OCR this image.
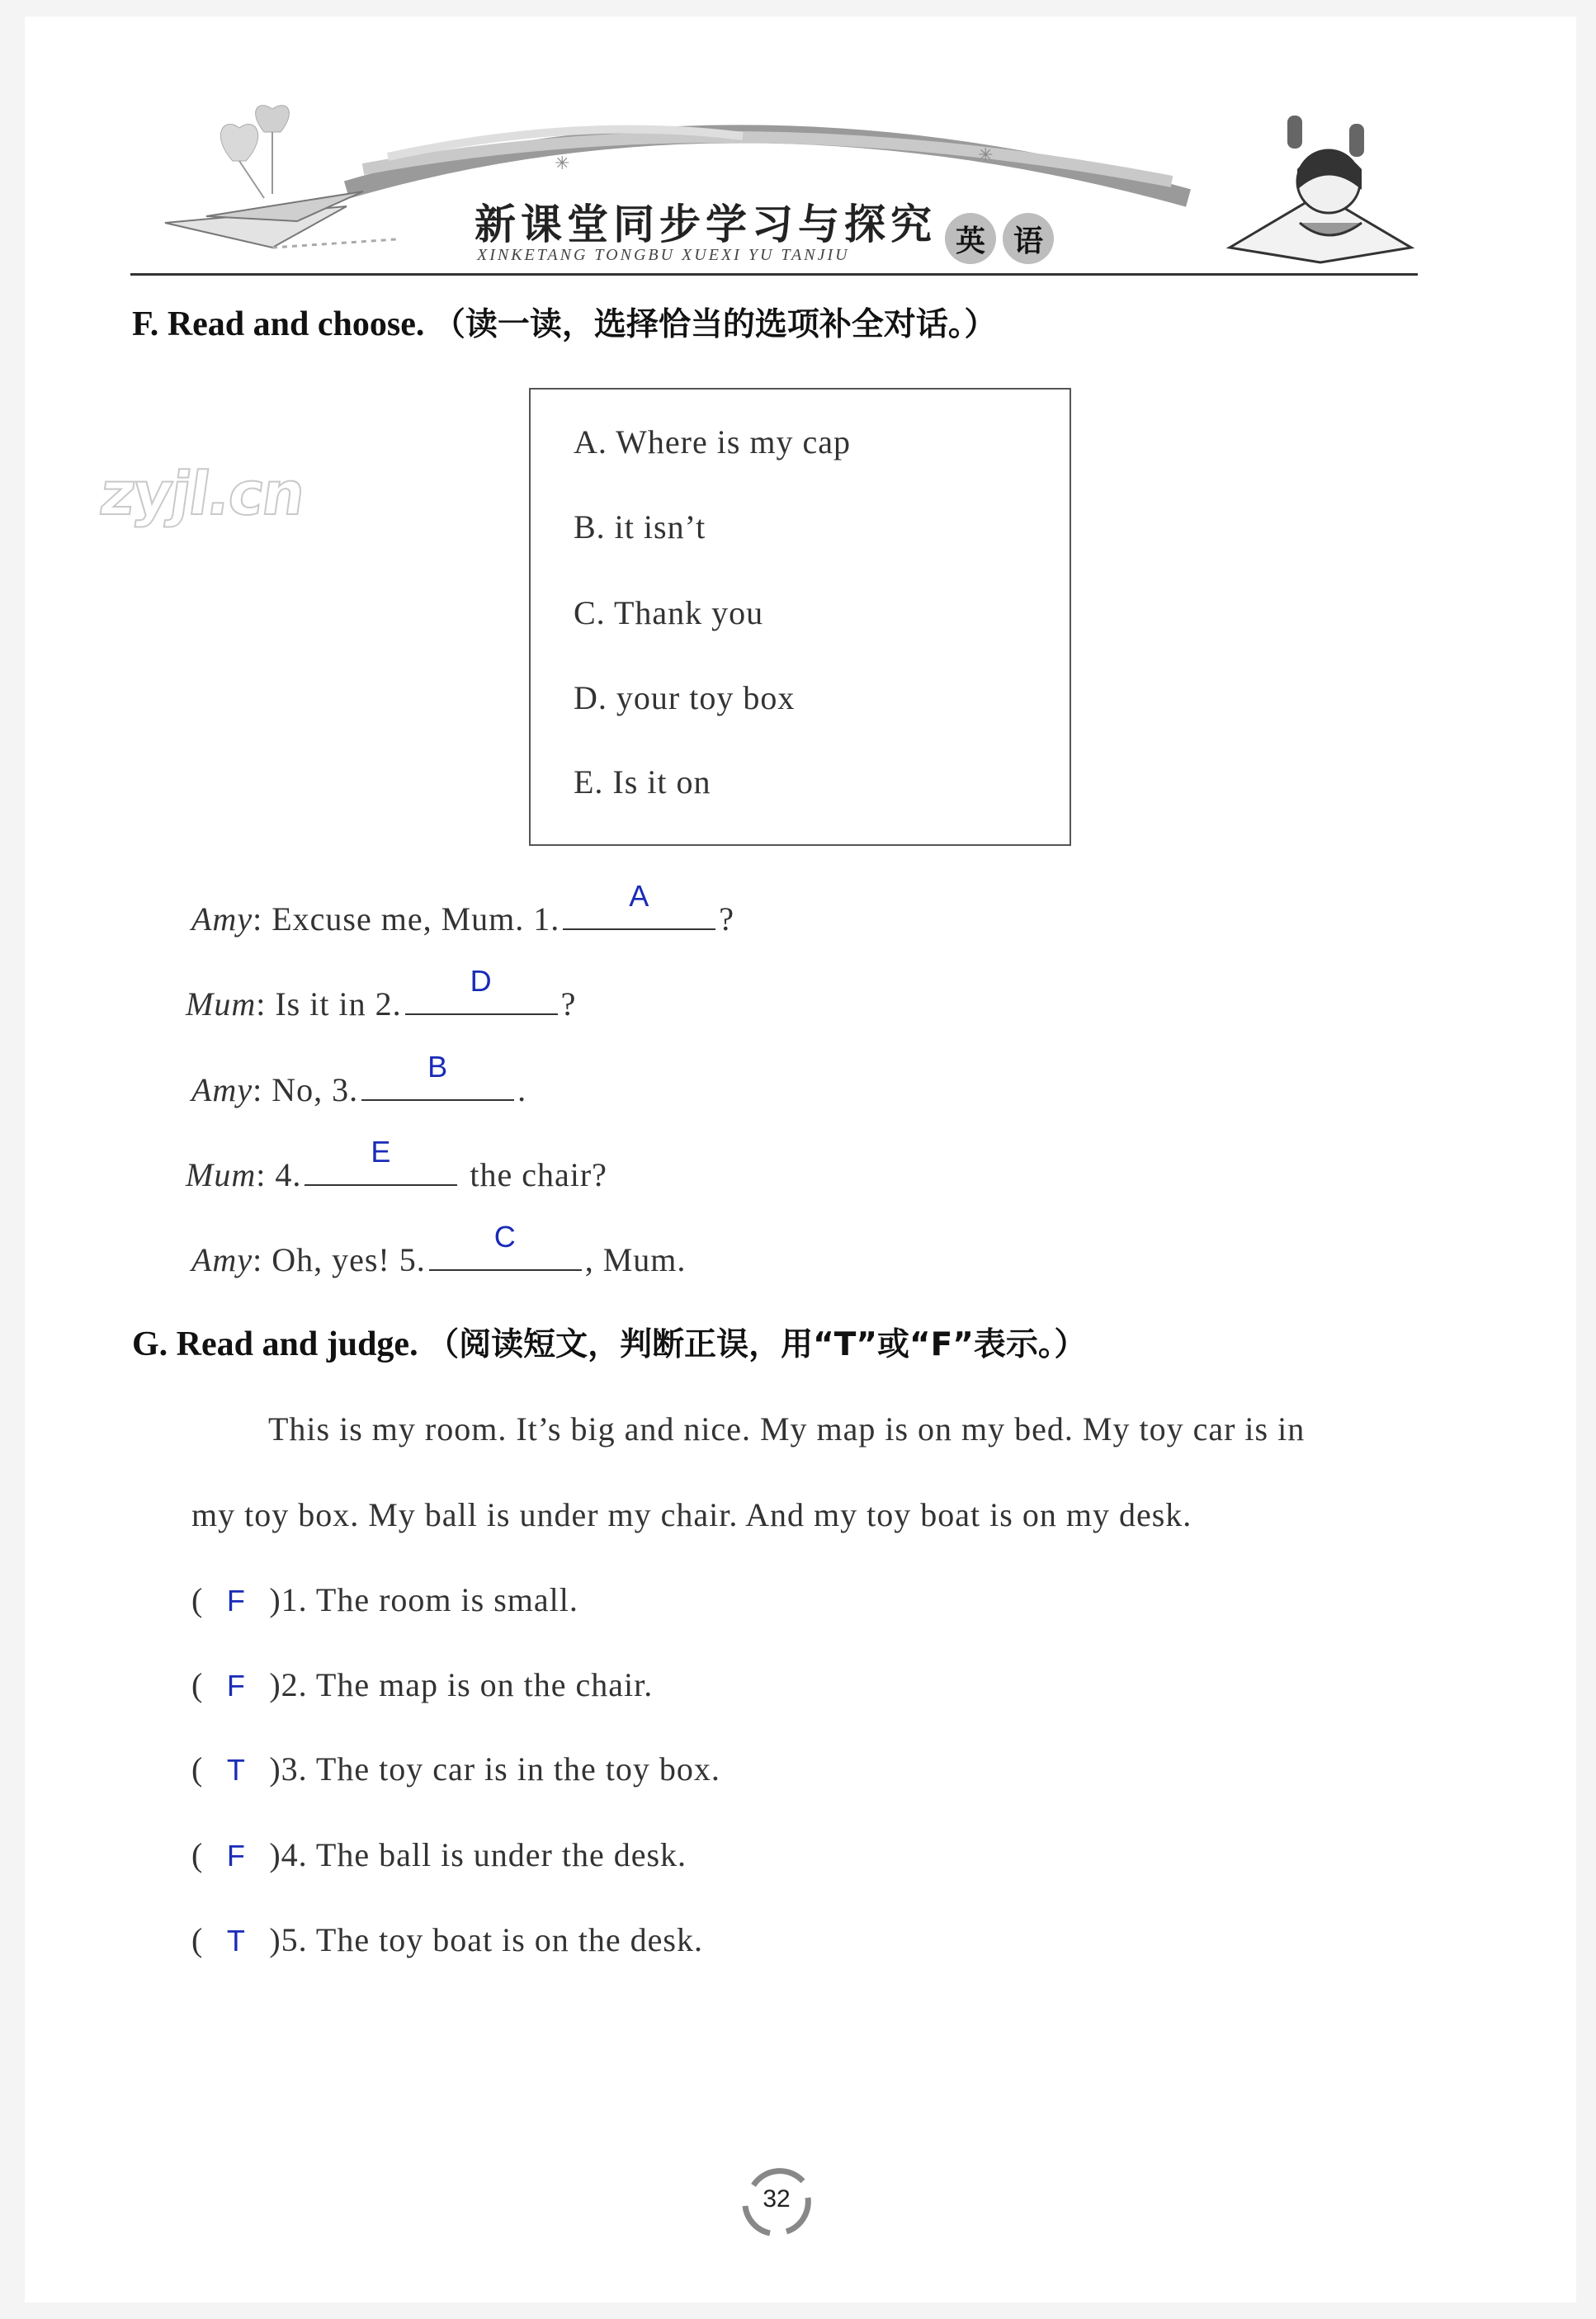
✳	✳
新课堂同步学习与探究
XINKETANG TONGBU XUEXI YU TANJIU	英 语
F. Read and choose. （读一读，选择恰当的选项补全对话。）
zyjl.cn
A. Where is my cap
B. it isn’t
C. Thank you
D. your toy box
E. Is it on
Amy: Excuse me, Mum. 1.
A
?
Mum: Is it in 2.
D
?
Amy: No, 3.
B
.
Mum: 4.
E
the chair?
Amy: Oh, yes! 5.
C
, Mum.
G. Read and judge. （阅读短文，判断正误，用“T”或“F”表示。）
This is my room. It’s big and nice. My map is on my bed. My toy car is in
my toy box. My ball is under my chair. And my toy boat is on my desk.
( F )1. The room is small.
( F )2. The map is on the chair.
( T )3. The toy car is in the toy box.
( F )4. The ball is under the desk.
( T )5. The toy boat is on the desk.
32
